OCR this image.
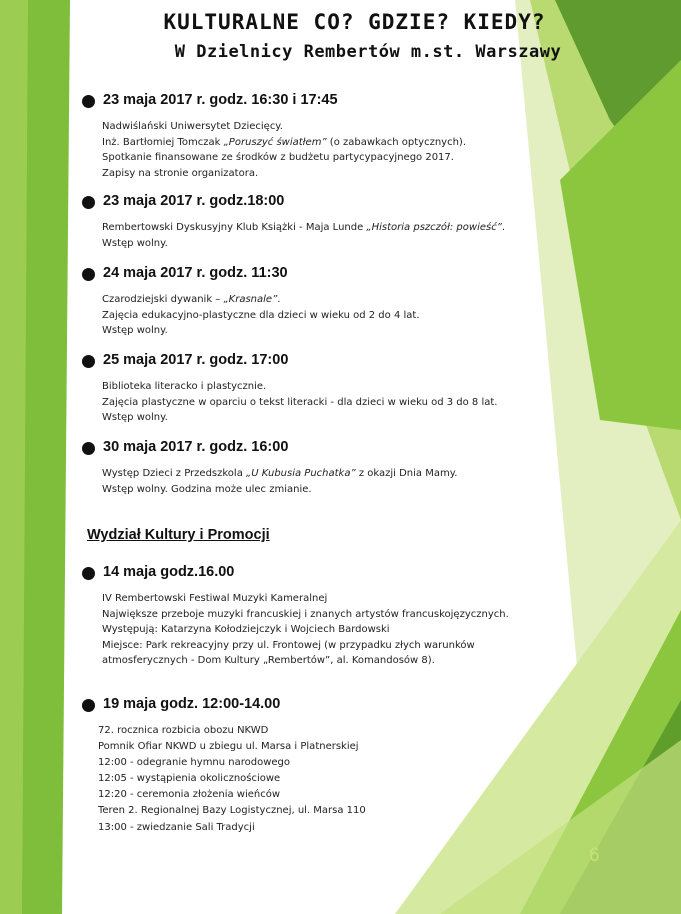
KULTURALNE CO? GDZIE? KIEDY?
W Dzielnicy Rembertów m.st. Warszawy
23 maja 2017 r. godz. 16:30 i 17:45
Nadwiślański Uniwersytet Dziecięcy.
Inż. Bartłomiej Tomczak „Poruszyć światłem” (o zabawkach optycznych).
Spotkanie finansowane ze środków z budżetu partycypacyjnego 2017.
Zapisy na stronie organizatora.
23 maja 2017 r. godz.18:00
Rembertowski Dyskusyjny Klub Książki - Maja Lunde „Historia pszczół: powieść”.
Wstęp wolny.
24 maja 2017 r. godz. 11:30
Czarodziejski dywanik – „Krasnale”.
Zajęcia edukacyjno-plastyczne dla dzieci w wieku od 2 do 4 lat.
Wstęp wolny.
25 maja 2017 r. godz. 17:00
Biblioteka literacko i plastycznie.
Zajęcia plastyczne w oparciu o tekst literacki - dla dzieci w wieku od 3 do 8 lat.
Wstęp wolny.
30 maja 2017 r. godz. 16:00
Występ Dzieci z Przedszkola „U Kubusia Puchatka” z okazji Dnia Mamy.
Wstęp wolny. Godzina może ulec zmianie.
Wydział Kultury i Promocji
14 maja godz.16.00
IV Rembertowski Festiwal Muzyki Kameralnej
Największe przeboje muzyki francuskiej i znanych artystów francuskojęzycznych.
Występują: Katarzyna Kołodziejczyk i Wojciech Bardowski
Miejsce: Park rekreacyjny przy ul. Frontowej (w przypadku złych warunków
atmosferycznych - Dom Kultury „Rembertów”, al. Komandosów 8).
19 maja godz. 12:00-14.00
72. rocznica rozbicia obozu NKWD
Pomnik Ofiar NKWD u zbiegu ul. Marsa i Platnerskiej
12:00 - odegranie hymnu narodowego
12:05 - wystąpienia okolicznościowe
12:20 - ceremonia złożenia wieńców
Teren 2. Regionalnej Bazy Logistycznej, ul. Marsa 110
13:00 - zwiedzanie Sali Tradycji
6
